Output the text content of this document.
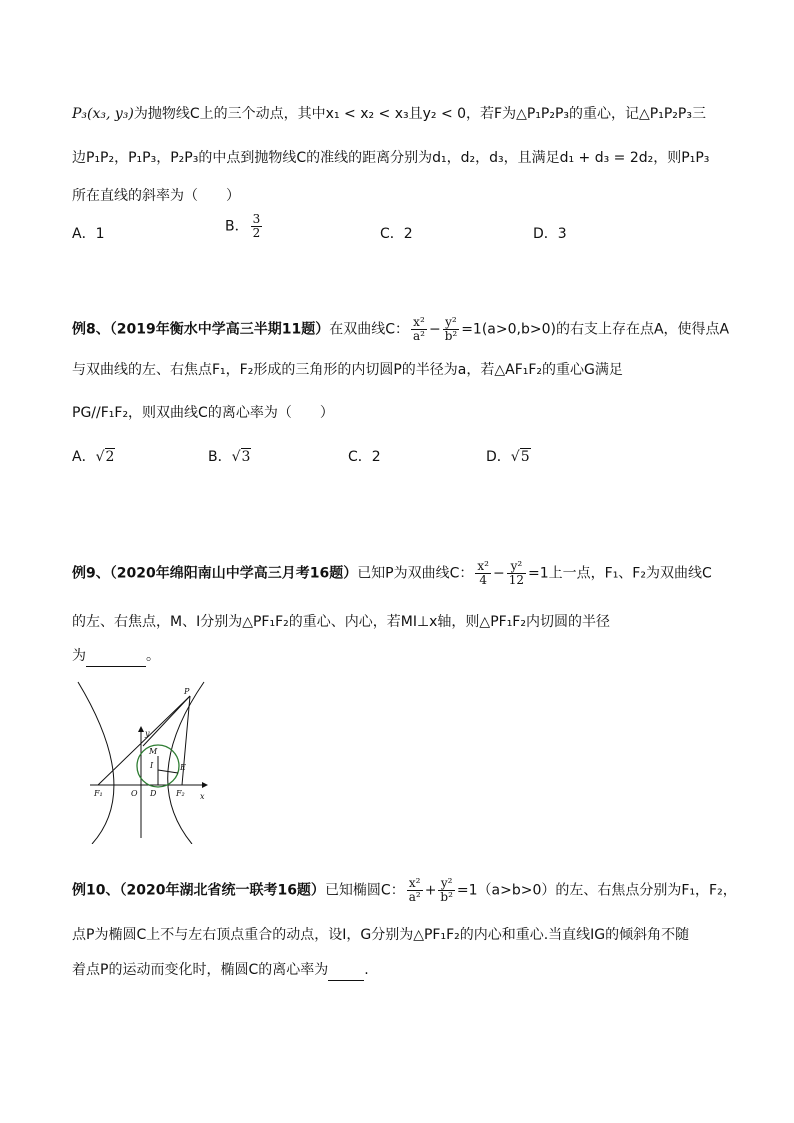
P₃(x₃, y₃)为抛物线C上的三个动点，其中x₁ < x₂ < x₃且y₂ < 0，若F为△P₁P₂P₃的重心，记△P₁P₂P₃三
边P₁P₂，P₁P₃，P₂P₃的中点到抛物线C的准线的距离分别为d₁，d₂，d₃，且满足d₁ + d₃ = 2d₂，则P₁P₃
所在直线的斜率为（　　）
A．1	B． $\frac{3}{2}$	C．2	D．3
例8、（2019年衡水中学高三半期11题）在双曲线C： $\frac{\text{x²}}{\text{a²}} - \frac{\text{y²}}{\text{b²}} =1(a>0,b>0)$的右支上存在点A，使得点A
与双曲线的左、右焦点F₁，F₂形成的三角形的内切圆P的半径为a，若△AF₁F₂的重心G满足
PG//F₁F₂，则双曲线C的离心率为（　　）
A．√2	B．√3	C．2	D．√5
例9、（2020年绵阳南山中学高三月考16题）已知P为双曲线C： $\frac{\text{x²}}{4} - \frac{\text{y²}}{12} =1$上一点，F₁、F₂为双曲线C
的左、右焦点，M、I分别为△PF₁F₂的重心、内心，若MI⊥x轴，则△PF₁F₂内切圆的半径
为	。
P
y
M
I	E
F₁	O D F₂ x
例10、（2020年湖北省统一联考16题）已知椭圆C： $\frac{\text{x²}}{\text{a²}} + \frac{\text{y²}}{\text{b²}} =1(a>b>0)$的左、右焦点分别为F₁，F₂，
点P为椭圆C上不与左右顶点重合的动点，设I，G分别为△PF₁F₂的内心和重心.当直线IG的倾斜角不随
着点P的运动而变化时，椭圆C的离心率为	.
